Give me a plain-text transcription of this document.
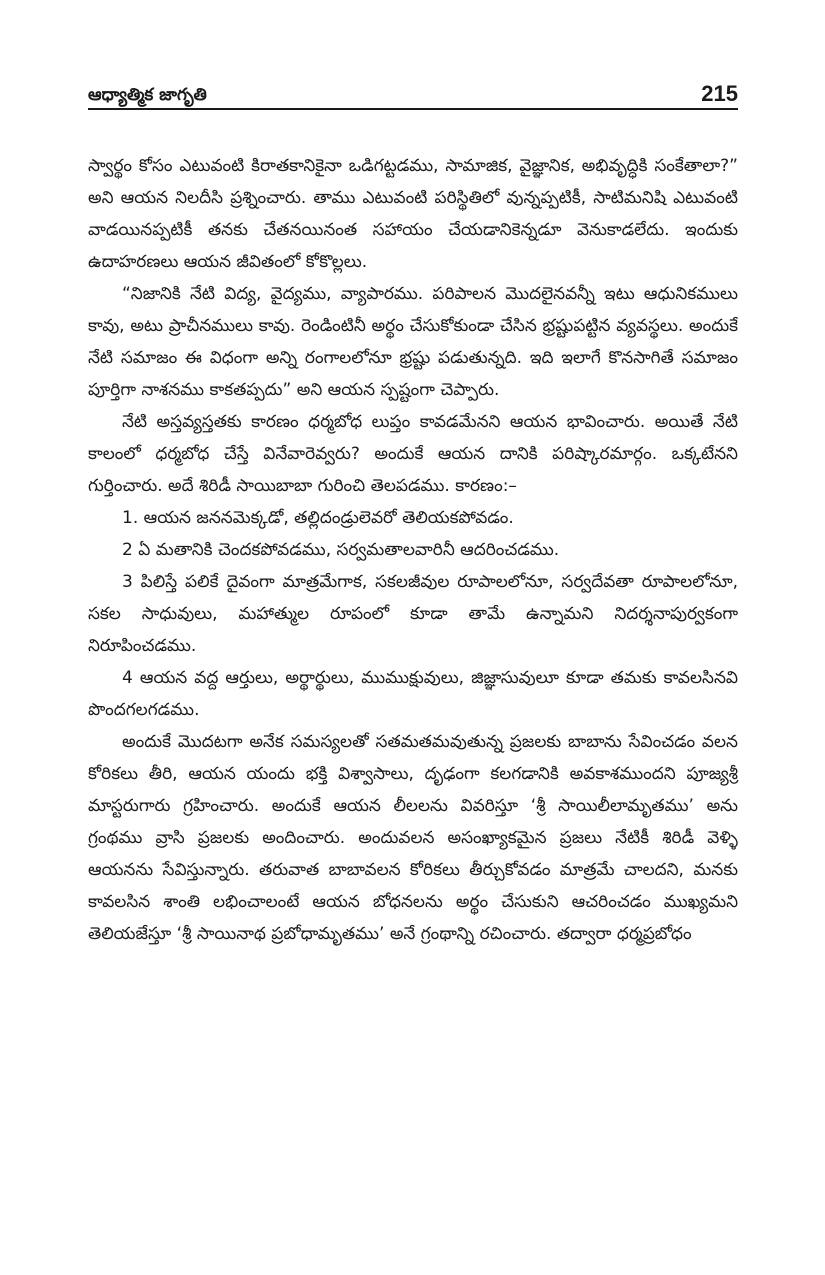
ఆధ్యాత్మిక జాగృతి	215

స్వార్థం కోసం ఎటువంటి కిరాతకానికైనా ఒడిగట్టడము, సామాజిక, వైజ్ఞానిక, అభివృద్ధికి సంకేతాలా?” అని ఆయన నిలదీసి ప్రశ్నించారు. తాము ఎటువంటి పరిస్థితిలో వున్నప్పటికీ, సాటిమనిషి ఎటువంటి వాడయినప్పటికీ తనకు చేతనయినంత సహాయం చేయడానికెన్నడూ వెనుకాడలేదు. ఇందుకు ఉదాహరణలు ఆయన జీవితంలో కోకొల్లలు.

“నిజానికి నేటి విద్య, వైద్యము, వ్యాపారము. పరిపాలన మొదలైనవన్నీ ఇటు ఆధునికములు కావు, అటు ప్రాచీనములు కావు. రెండింటినీ అర్థం చేసుకోకుండా చేసిన భ్రష్టుపట్టిన వ్యవస్థలు. అందుకే నేటి సమాజం ఈ విధంగా అన్ని రంగాలలోనూ భ్రష్టు పడుతున్నది. ఇది ఇలాగే కొనసాగితే సమాజం పూర్తిగా నాశనము కాకతప్పదు” అని ఆయన స్పష్టంగా చెప్పారు.

నేటి అస్తవ్యస్తతకు కారణం ధర్మబోధ లుప్తం కావడమేనని ఆయన భావించారు. అయితే నేటి కాలంలో ధర్మబోధ చేస్తే వినేవారెవ్వరు? అందుకే ఆయన దానికి పరిష్కారమార్గం. ఒక్కటేనని గుర్తించారు. అదే శిరిడీ సాయిబాబా గురించి తెలపడము. కారణం:–

1. ఆయన జననమెక్కడో, తల్లిదండ్రులెవరో తెలియకపోవడం.

2 ఏ మతానికి చెందకపోవడము, సర్వమతాలవారినీ ఆదరించడము.

3 పిలిస్తే పలికే దైవంగా మాత్రమేగాక, సకలజీవుల రూపాలలోనూ, సర్వదేవతా రూపాలలోనూ, సకల సాధువులు, మహాత్ముల రూపంలో కూడా తామే ఉన్నామని నిదర్శనాపుర్వకంగా నిరూపించడము.

4 ఆయన వద్ద ఆర్తులు, అర్థార్థులు, ముముక్షువులు, జిజ్ఞాసువులూ కూడా తమకు కావలసినవి పొందగలగడము.

అందుకే మొదటగా అనేక సమస్యలతో సతమతమవుతున్న ప్రజలకు బాబాను సేవించడం వలన కోరికలు తీరి, ఆయన యందు భక్తి విశ్వాసాలు, దృఢంగా కలగడానికి అవకాశముందని పూజ్యశ్రీ మాస్టరుగారు గ్రహించారు. అందుకే ఆయన లీలలను వివరిస్తూ ‘శ్రీ సాయిలీలామృతము’ అను గ్రంథము వ్రాసి ప్రజలకు అందించారు. అందువలన అసంఖ్యాకమైన ప్రజలు నేటికీ శిరిడీ వెళ్ళి ఆయనను సేవిస్తున్నారు. తరువాత బాబావలన కోరికలు తీర్చుకోవడం మాత్రమే చాలదని, మనకు కావలసిన శాంతి లభించాలంటే ఆయన బోధనలను అర్థం చేసుకుని ఆచరించడం ముఖ్యమని తెలియజేస్తూ ‘శ్రీ సాయినాథ ప్రబోధామృతము’ అనే గ్రంథాన్ని రచించారు. తద్వారా ధర్మప్రబోధం
